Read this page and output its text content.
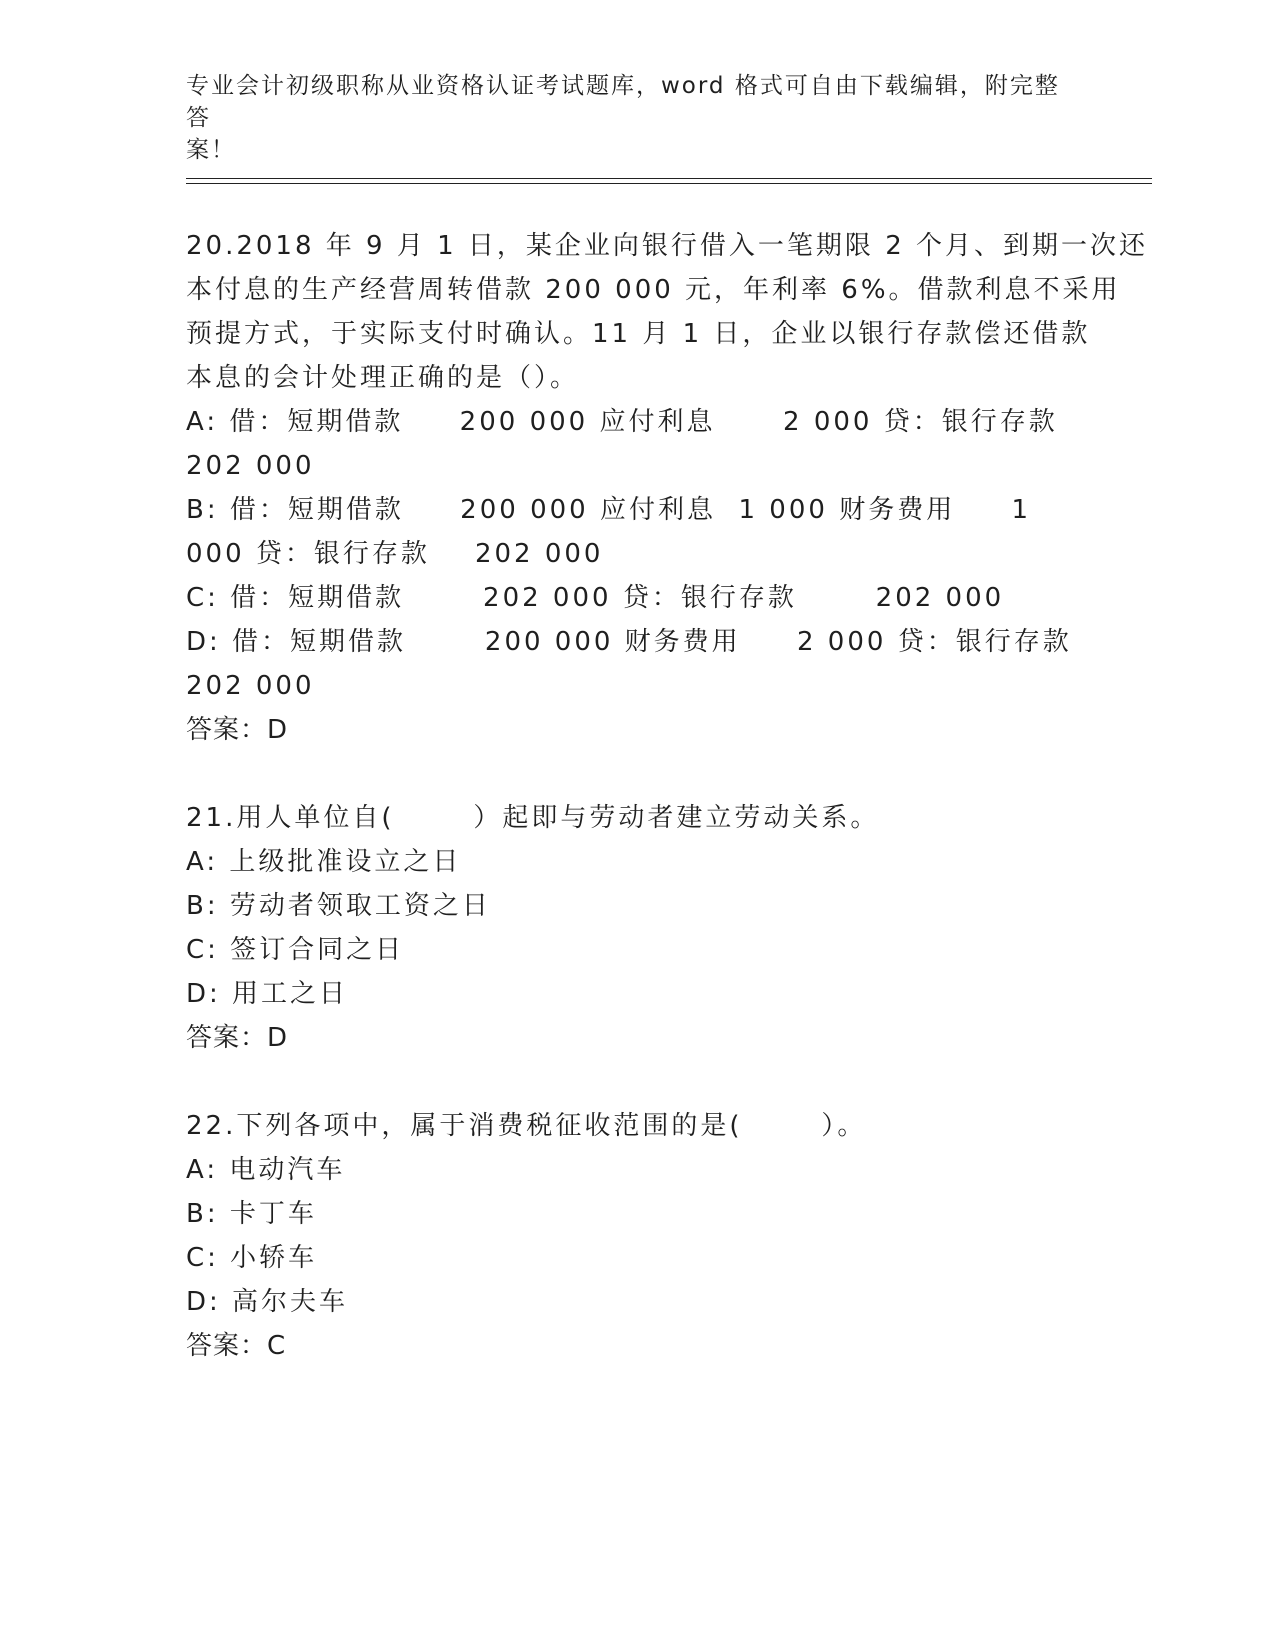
专业会计初级职称从业资格认证考试题库，word 格式可自由下载编辑，附完整答
案！
20.2018 年 9 月 1 日，某企业向银行借入一笔期限 2 个月、到期一次还
本付息的生产经营周转借款 200 000 元，年利率 6%。借款利息不采用
预提方式，于实际支付时确认。11 月 1 日，企业以银行存款偿还借款
本息的会计处理正确的是（）。
A: 借：短期借款     200 000 应付利息      2 000 贷：银行存款
202 000
B: 借：短期借款     200 000 应付利息  1 000 财务费用     1
000 贷：银行存款    202 000
C: 借：短期借款       202 000 贷：银行存款       202 000
D: 借：短期借款       200 000 财务费用     2 000 贷：银行存款
202 000
答案：D
21.用人单位自(       ）起即与劳动者建立劳动关系。
A: 上级批准设立之日
B: 劳动者领取工资之日
C: 签订合同之日
D: 用工之日
答案：D
22.下列各项中，属于消费税征收范围的是(       ）。
A: 电动汽车
B: 卡丁车
C: 小轿车
D: 高尔夫车
答案：C
